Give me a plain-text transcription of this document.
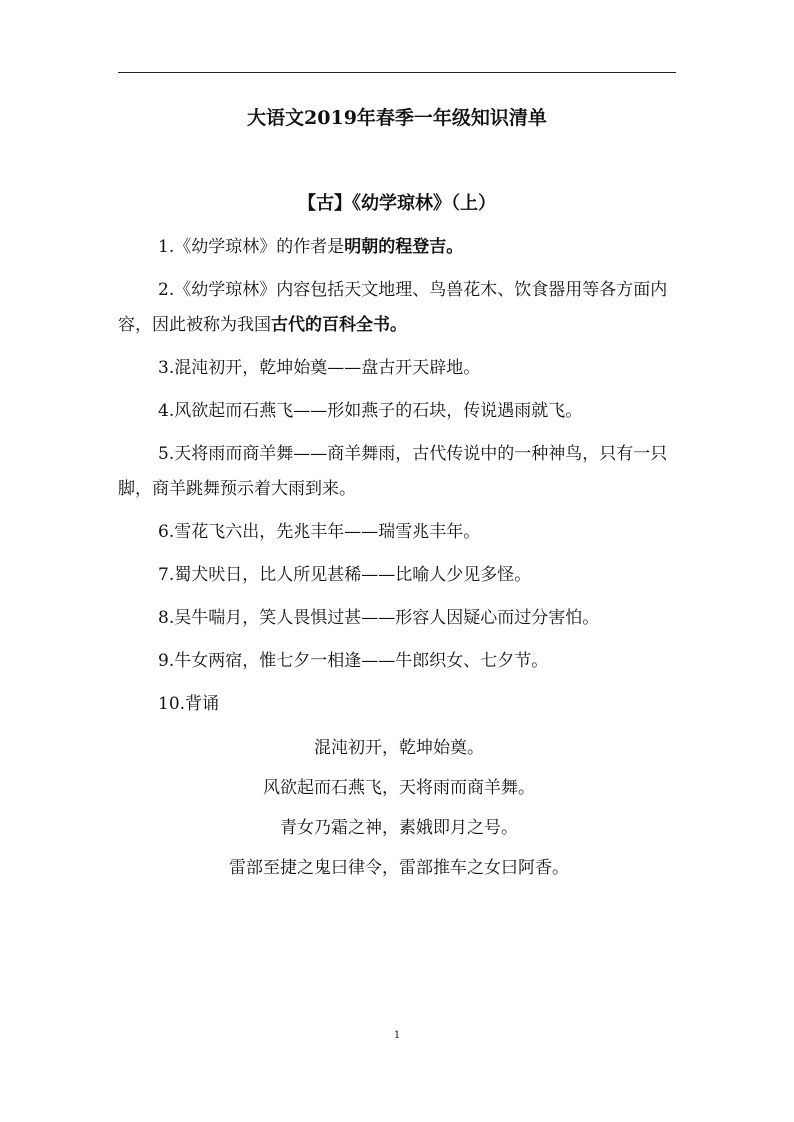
大语文2019年春季一年级知识清单
【古】《幼学琼林》（上）

1.《幼学琼林》的作者是明朝的程登吉。

2.《幼学琼林》内容包括天文地理、鸟兽花木、饮食器用等各方面内容，因此被称为我国古代的百科全书。

3.混沌初开，乾坤始奠——盘古开天辟地。

4.风欲起而石燕飞——形如燕子的石块，传说遇雨就飞。

5.天将雨而商羊舞——商羊舞雨，古代传说中的一种神鸟，只有一只脚，商羊跳舞预示着大雨到来。

6.雪花飞六出，先兆丰年——瑞雪兆丰年。

7.蜀犬吠日，比人所见甚稀——比喻人少见多怪。

8.吴牛喘月，笑人畏惧过甚——形容人因疑心而过分害怕。

9.牛女两宿，惟七夕一相逢——牛郎织女、七夕节。

10.背诵

混沌初开，乾坤始奠。
风欲起而石燕飞，天将雨而商羊舞。
青女乃霜之神，素娥即月之号。
雷部至捷之鬼曰律令，雷部推车之女曰阿香。
1
